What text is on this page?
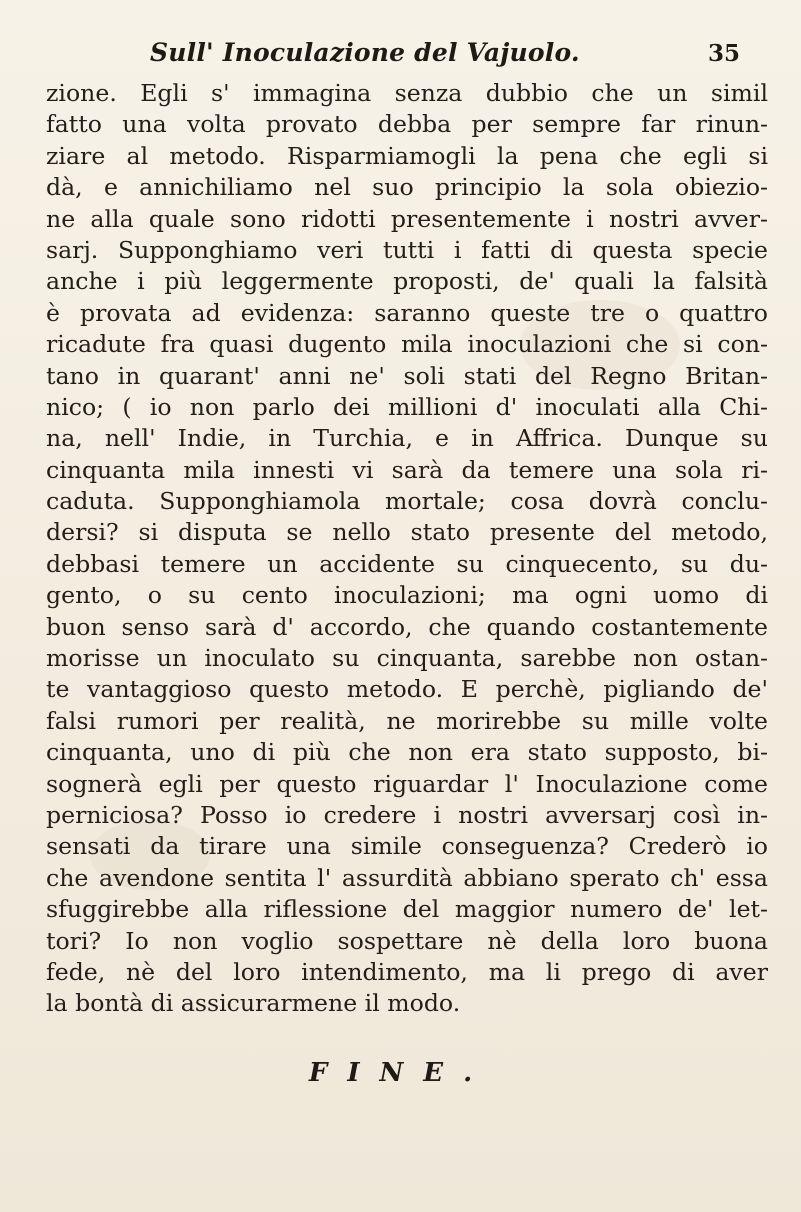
Sull' Inoculazione del Vajuolo.	35
zione. Egli s' immagina senza dubbio che un simil
fatto una volta provato debba per sempre far rinun-
ziare al metodo. Risparmiamogli la pena che egli si
dà, e annichiliamo nel suo principio la sola obiezio-
ne alla quale sono ridotti presentemente i nostri avver-
sarj. Supponghiamo veri tutti i fatti di questa specie
anche i più leggermente proposti, de' quali la falsità
è provata ad evidenza: saranno queste tre o quattro
ricadute fra quasi dugento mila inoculazioni che si con-
tano in quarant' anni ne' soli stati del Regno Britan-
nico; ( io non parlo dei millioni d' inoculati alla Chi-
na, nell' Indie, in Turchia, e in Affrica. Dunque su
cinquanta mila innesti vi sarà da temere una sola ri-
caduta. Supponghiamola mortale; cosa dovrà conclu-
dersi? si disputa se nello stato presente del metodo,
debbasi temere un accidente su cinquecento, su du-
gento, o su cento inoculazioni; ma ogni uomo di
buon senso sarà d' accordo, che quando costantemente
morisse un inoculato su cinquanta, sarebbe non ostan-
te vantaggioso questo metodo. E perchè, pigliando de'
falsi rumori per realità, ne morirebbe su mille volte
cinquanta, uno di più che non era stato supposto, bi-
sognerà egli per questo riguardar l' Inoculazione come
perniciosa? Posso io credere i nostri avversarj così in-
sensati da tirare una simile conseguenza? Crederò io
che avendone sentita l' assurdità abbiano sperato ch' essa
sfuggirebbe alla riflessione del maggior numero de' let-
tori? Io non voglio sospettare nè della loro buona
fede, nè del loro intendimento, ma li prego di aver
la bontà di assicurarmene il modo.
FINE.
